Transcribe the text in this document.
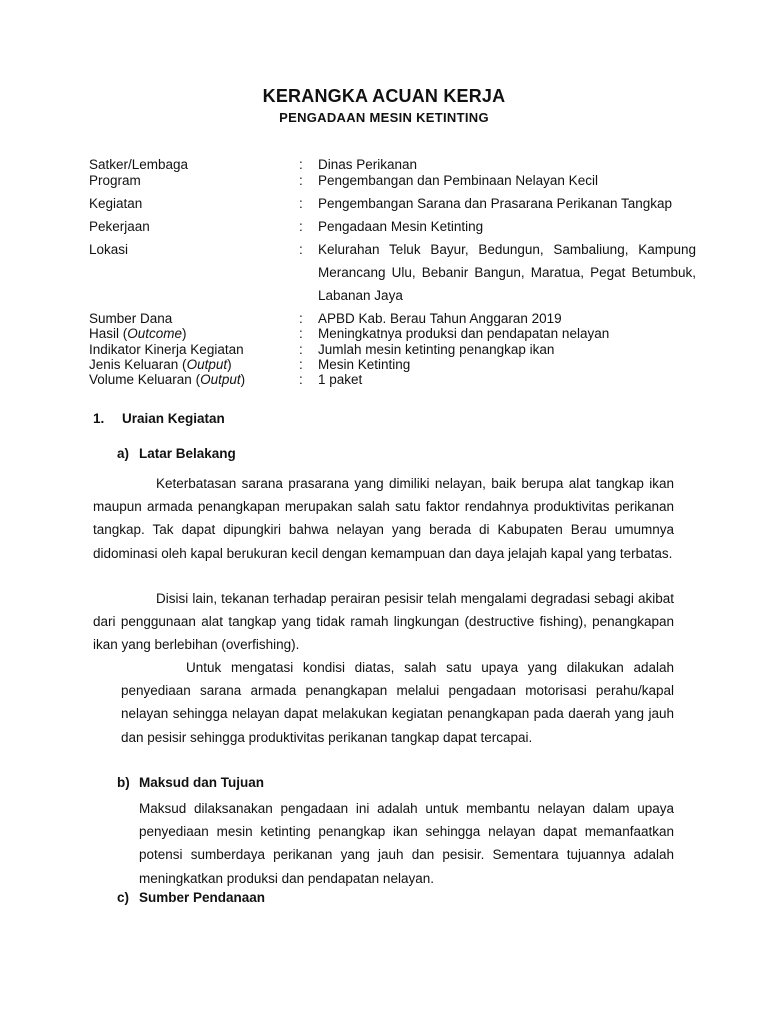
KERANGKA ACUAN KERJA
PENGADAAN MESIN KETINTING
Satker/Lembaga	: Dinas Perikanan
Program	: Pengembangan dan Pembinaan Nelayan Kecil
Kegiatan	: Pengembangan Sarana dan Prasarana Perikanan Tangkap
Pekerjaan	: Pengadaan Mesin Ketinting
Lokasi	: Kelurahan Teluk Bayur, Bedungun, Sambaliung, Kampung Merancang Ulu, Bebanir Bangun, Maratua, Pegat Betumbuk, Labanan Jaya
Sumber Dana	: APBD Kab. Berau Tahun Anggaran 2019
Hasil (Outcome)	: Meningkatnya produksi dan pendapatan nelayan
Indikator Kinerja Kegiatan	: Jumlah mesin ketinting penangkap ikan
Jenis Keluaran (Output)	: Mesin Ketinting
Volume Keluaran (Output)	: 1 paket
1. Uraian Kegiatan
a) Latar Belakang
Keterbatasan sarana prasarana yang dimiliki nelayan, baik berupa alat tangkap ikan maupun armada penangkapan merupakan salah satu faktor rendahnya produktivitas perikanan tangkap. Tak dapat dipungkiri bahwa nelayan yang berada di Kabupaten Berau umumnya didominasi oleh kapal berukuran kecil dengan kemampuan dan daya jelajah kapal yang terbatas.
Disisi lain, tekanan terhadap perairan pesisir telah mengalami degradasi sebagi akibat dari penggunaan alat tangkap yang tidak ramah lingkungan (destructive fishing), penangkapan ikan yang berlebihan (overfishing).
Untuk mengatasi kondisi diatas, salah satu upaya yang dilakukan adalah penyediaan sarana armada penangkapan melalui pengadaan motorisasi perahu/kapal nelayan sehingga nelayan dapat melakukan kegiatan penangkapan pada daerah yang jauh dan pesisir sehingga produktivitas perikanan tangkap dapat tercapai.
b) Maksud dan Tujuan
Maksud dilaksanakan pengadaan ini adalah untuk membantu nelayan dalam upaya penyediaan mesin ketinting penangkap ikan sehingga nelayan dapat memanfaatkan potensi sumberdaya perikanan yang jauh dan pesisir. Sementara tujuannya adalah meningkatkan produksi dan pendapatan nelayan.
c) Sumber Pendanaan
